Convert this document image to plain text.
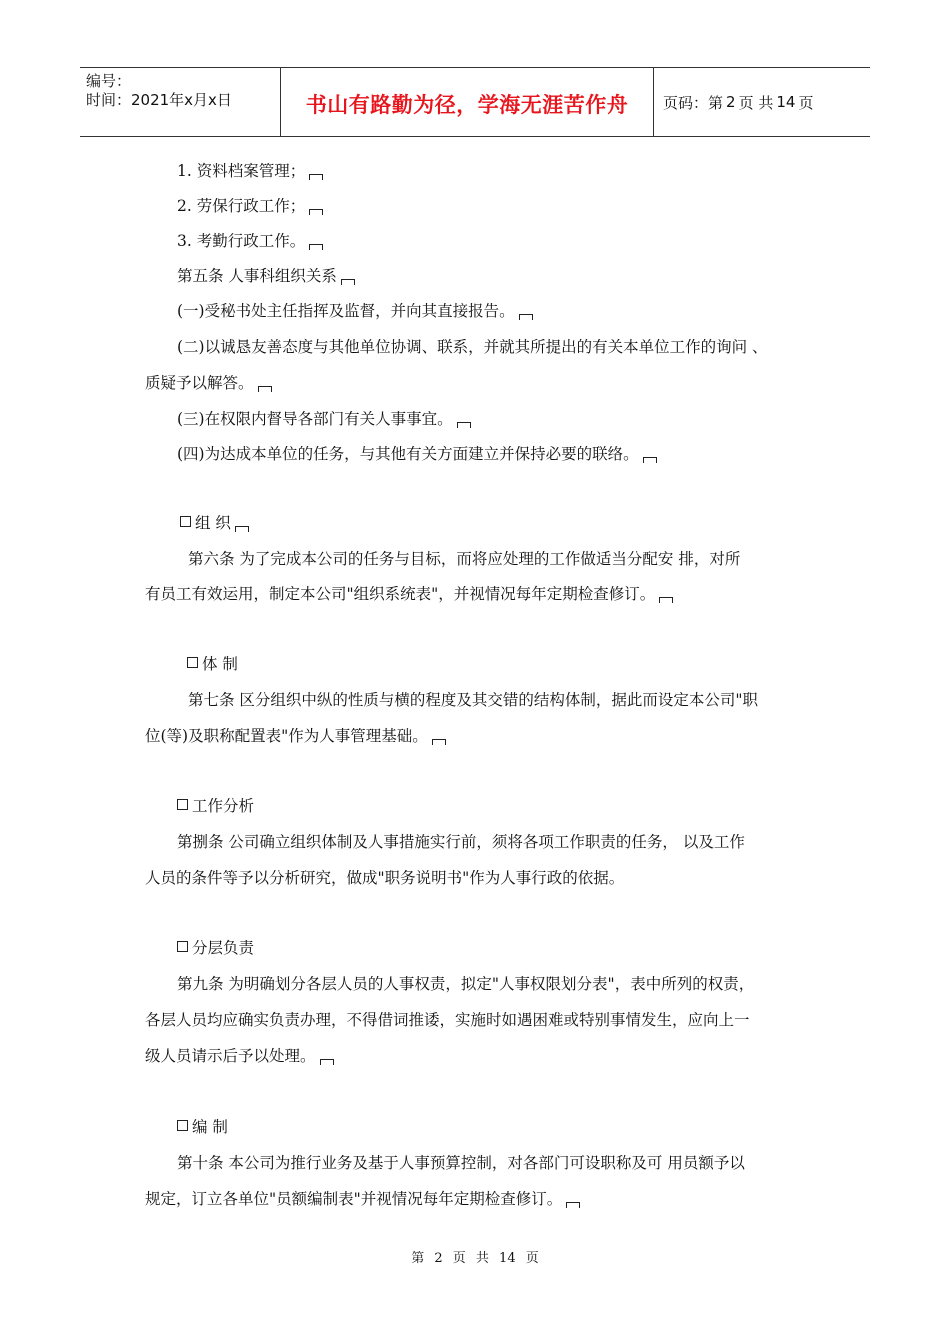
编号：
时间：2021年x月x日	书山有路勤为径，学海无涯苦作舟 页码：第 2 页 共 14 页
1. 资料档案管理；
2. 劳保行政工作；
3. 考勤行政工作。
第五条 人事科组织关系
(一)受秘书处主任指挥及监督，并向其直接报告。
(二)以诚恳友善态度与其他单位协调、联系，并就其所提出的有关本单位工作的询问 、
质疑予以解答。
(三)在权限内督导各部门有关人事事宜。
(四)为达成本单位的任务，与其他有关方面建立并保持必要的联络。
组 织
第六条 为了完成本公司的任务与目标，而将应处理的工作做适当分配安 排，对所
有员工有效运用，制定本公司"组织系统表"，并视情况每年定期检查修订。
体 制
第七条 区分组织中纵的性质与横的程度及其交错的结构体制，据此而设定本公司"职
位(等)及职称配置表"作为人事管理基础。
工作分析
第捌条 公司确立组织体制及人事措施实行前，须将各项工作职责的任务， 以及工作
人员的条件等予以分析研究，做成"职务说明书"作为人事行政的依据。
分层负责
第九条 为明确划分各层人员的人事权责，拟定"人事权限划分表"，表中所列的权责，
各层人员均应确实负责办理，不得借词推诿，实施时如遇困难或特别事情发生，应向上一
级人员请示后予以处理。
编 制
第十条 本公司为推行业务及基于人事预算控制，对各部门可设职称及可 用员额予以
规定，订立各单位"员额编制表"并视情况每年定期检查修订。
第 2 页 共 14 页
